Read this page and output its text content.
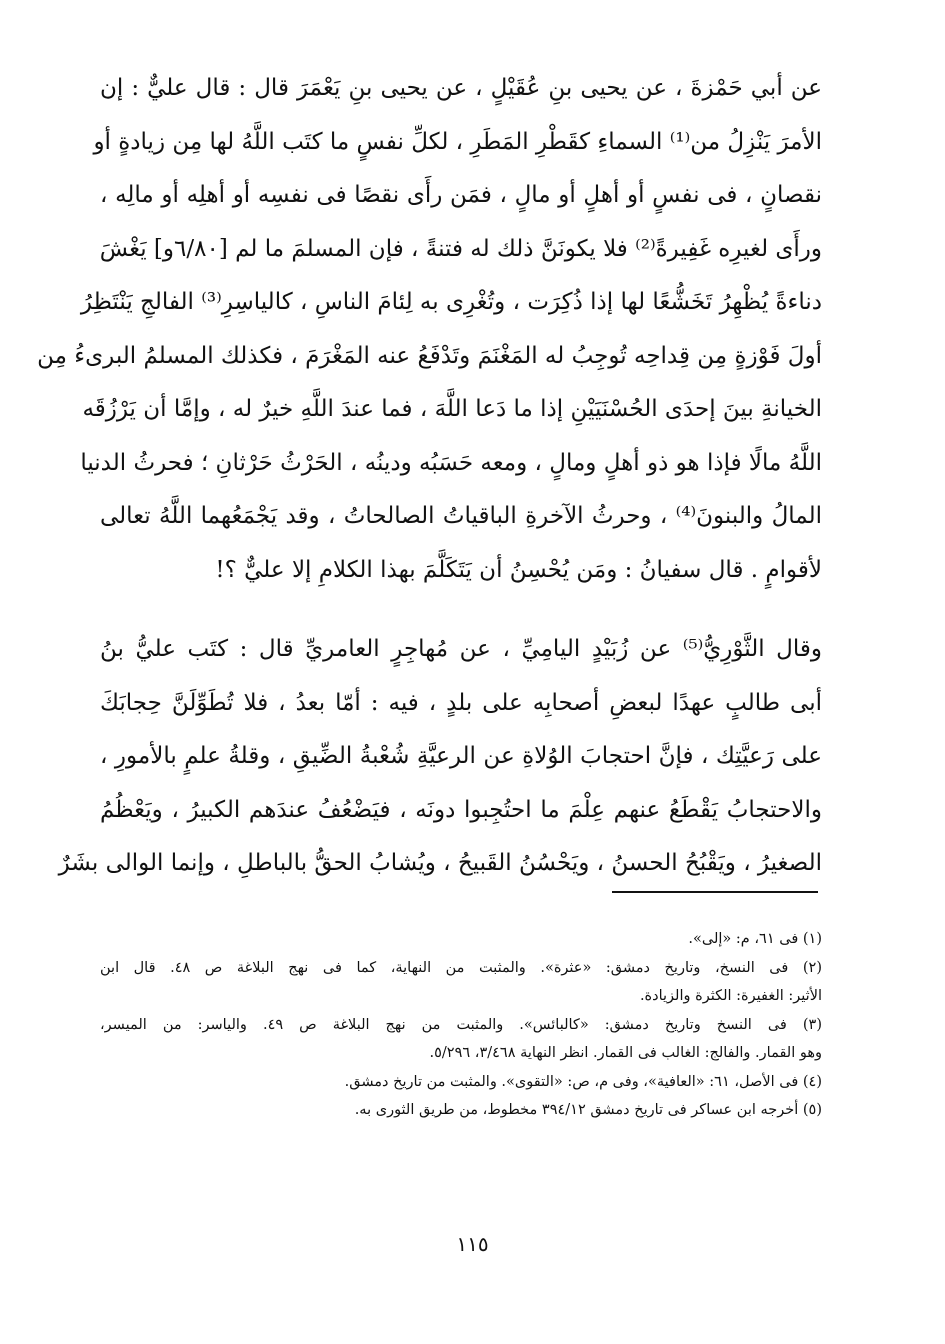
عن أبي حَمْزةَ ، عن يحيى بنِ عُقَيْلٍ ، عن يحيى بنِ يَعْمَرَ قال : قال عليٌّ : إن
الأمرَ يَنْزِلُ من⁽¹⁾ السماءِ كقَطْرِ المَطَرِ ، لكلِّ نفسٍ ما كتَب اللَّهُ لها مِن زيادةٍ أو
نقصانٍ ، فى نفسٍ أو أهلٍ أو مالٍ ، فمَن رأَى نقصًا فى نفسِه أو أهلِه أو مالِه ،
ورأَى لغيرِه غَفِيرةً⁽²⁾ فلا يكونَنَّ ذلك له فتنةً ، فإن المسلمَ ما لم [٦/٨٠و] يَغْشَ
دناءةً يُظْهِرُ تَخَشُّعًا لها إذا ذُكِرَت ، وتُغْرِى به لِئامَ الناسِ ، كالياسِرِ⁽³⁾ الفالجِ يَنْتَظِرُ
أولَ فَوْزةٍ مِن قِداحِه تُوجِبُ له المَغْنَمَ وتَدْفَعُ عنه المَغْرَمَ ، فكذلك المسلمُ البرىءُ مِن
الخيانةِ بينَ إحدَى الحُسْنَيَيْنِ إذا ما دَعا اللَّهَ ، فما عندَ اللَّهِ خيرٌ له ، وإمَّا أن يَرْزُقَه
اللَّهُ مالًا فإذا هو ذو أهلٍ ومالٍ ، ومعه حَسَبُه ودينُه ، الحَرْثُ حَرْثانِ ؛ فحرثُ الدنيا
المالُ والبنونَ⁽⁴⁾ ، وحرثُ الآخرةِ الباقياتُ الصالحاتُ ، وقد يَجْمَعُهما اللَّهُ تعالى
لأقوامٍ . قال سفيانُ : ومَن يُحْسِنُ أن يَتَكَلَّمَ بهذا الكلامِ إلا عليٌّ ؟!
وقال الثَّوْرِيُّ⁽⁵⁾ عن زُبَيْدٍ اليامِيِّ ، عن مُهاجِرٍ العامريِّ قال : كتَب عليُّ بنُ
أبى طالبٍ عهدًا لبعضِ أصحابِه على بلدٍ ، فيه : أمّا بعدُ ، فلا تُطَوِّلَنَّ حِجابَكَ
على رَعيَّتِك ، فإنَّ احتجابَ الوُلاةِ عن الرعيَّةِ شُعْبةُ الضِّيقِ ، وقلةُ علمٍ بالأمورِ ،
والاحتجابُ يَقْطَعُ عنهم عِلْمَ ما احتُجِبوا دونَه ، فيَضْعُفُ عندَهم الكبيرُ ، ويَعْظُمُ
الصغيرُ ، ويَقْبُحُ الحسنُ ، ويَحْسُنُ القَبيحُ ، ويُشابُ الحقُّ بالباطلِ ، وإنما الوالى بشَرٌ
(١) فى ٦١، م: «إلى».
(٢) فى النسخ، وتاريخ دمشق: «عثرة». والمثبت من النهاية، كما فى نهج البلاغة ص ٤٨. قال ابن
الأثير: الغفيرة: الكثرة والزيادة.
(٣) فى النسخ وتاريخ دمشق: «كالبائس». والمثبت من نهج البلاغة ص ٤٩. والياسر: من الميسر،
وهو القمار. والفالج: الغالب فى القمار. انظر النهاية ٣/٤٦٨، ٥/٢٩٦.
(٤) فى الأصل، ٦١: «العافية»، وفى م، ص: «التقوى». والمثبت من تاريخ دمشق.
(٥) أخرجه ابن عساكر فى تاريخ دمشق ٣٩٤/١٢ مخطوط، من طريق الثورى به.
١١٥
